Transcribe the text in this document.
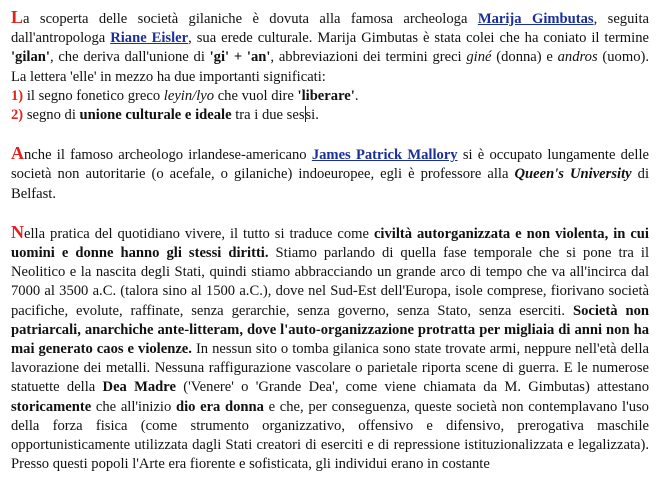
La scoperta delle società gilaniche è dovuta alla famosa archeologa Marija Gimbutas, seguita dall'antropologa Riane Eisler, sua erede culturale. Marija Gimbutas è stata colei che ha coniato il termine 'gilan', che deriva dall'unione di 'gi' + 'an', abbreviazioni dei termini greci giné (donna) e andros (uomo). La lettera 'elle' in mezzo ha due importanti significati:
1) il segno fonetico greco leyin/lyo che vuol dire 'liberare'.
2) segno di unione culturale e ideale tra i due sessi.

Anche il famoso archeologo irlandese-americano James Patrick Mallory si è occupato lungamente delle società non autoritarie (o acefale, o gilaniche) indoeuropee, egli è professore alla Queen's University di Belfast.

Nella pratica del quotidiano vivere, il tutto si traduce come civiltà autorganizzata e non violenta, in cui uomini e donne hanno gli stessi diritti. Stiamo parlando di quella fase temporale che si pone tra il Neolitico e la nascita degli Stati, quindi stiamo abbracciando un grande arco di tempo che va all'incirca dal 7000 al 3500 a.C. (talora sino al 1500 a.C.), dove nel Sud-Est dell'Europa, isole comprese, fiorivano società pacifiche, evolute, raffinate, senza gerarchie, senza governo, senza Stato, senza eserciti. Società non patriarcali, anarchiche ante-litteram, dove l'auto-organizzazione protratta per migliaia di anni non ha mai generato caos e violenze. In nessun sito o tomba gilanica sono state trovate armi, neppure nell'età della lavorazione dei metalli. Nessuna raffigurazione vascolare o parietale riporta scene di guerra. E le numerose statuette della Dea Madre ('Venere' o 'Grande Dea', come viene chiamata da M. Gimbutas) attestano storicamente che all'inizio dio era donna e che, per conseguenza, queste società non contemplavano l'uso della forza fisica (come strumento organizzativo, offensivo e difensivo, prerogativa maschile opportunisticamente utilizzata dagli Stati creatori di eserciti e di repressione istituzionalizzata e legalizzata). Presso questi popoli l'Arte era fiorente e sofisticata, gli individui erano in costante
